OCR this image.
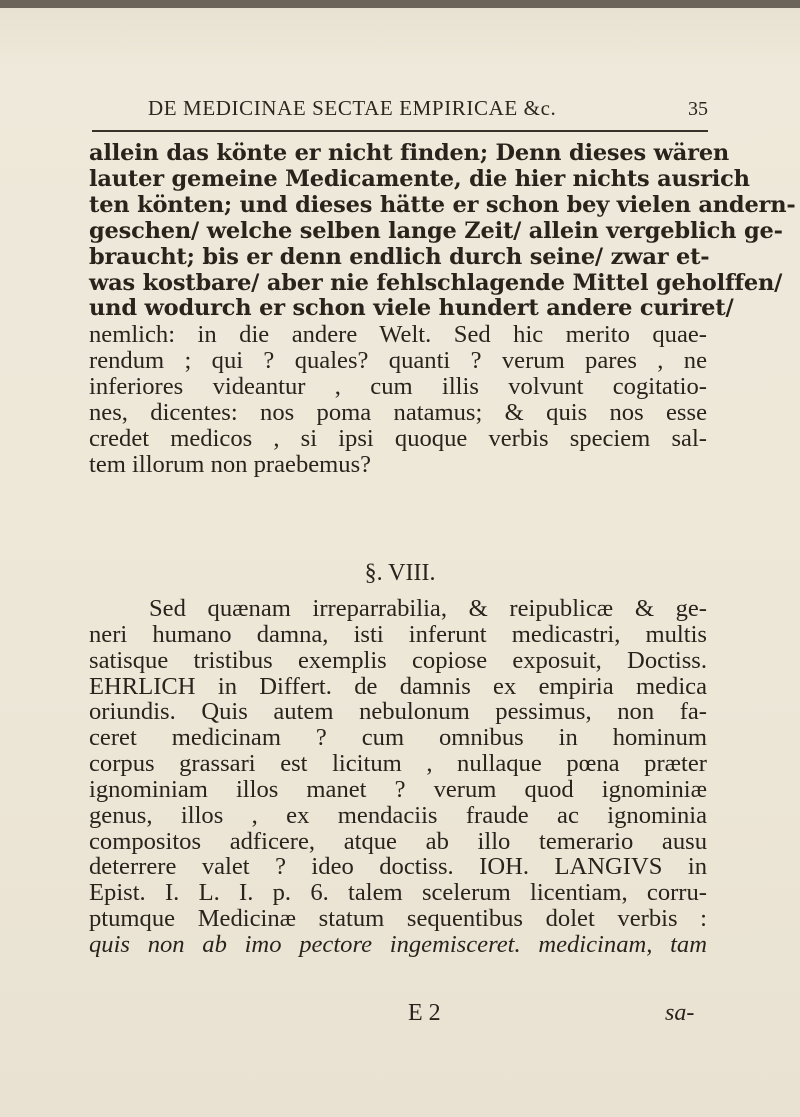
DE MEDICINAE SECTAE EMPIRICAE &c.	35
allein das könte er nicht finden; Denn dieses wären
lauter gemeine Medicamente, die hier nichts ausrich
ten könten; und dieses hätte er schon bey vielen andern-
geschen/ welche selben lange Zeit/ allein vergeblich ge-
braucht; bis er denn endlich durch seine/ zwar et-
was kostbare/ aber nie fehlschlagende Mittel geholffen/
und wodurch er schon viele hundert andere curiret/
nemlich: in die andere Welt. Sed hic merito quae-
rendum ; qui ? quales? quanti ? verum pares , ne
inferiores videantur , cum illis volvunt cogitatio-
nes, dicentes: nos poma natamus; & quis nos esse
credet medicos , si ipsi quoque verbis speciem sal-
tem illorum non praebemus?
§. VIII.
Sed quænam irreparrabilia, & reipublicæ & ge-
neri humano damna, isti inferunt medicastri, multis
satisque tristibus exemplis copiose exposuit, Doctiss.
EHRLICH in Differt. de damnis ex empiria medica
oriundis. Quis autem nebulonum pessimus, non fa-
ceret medicinam ? cum omnibus in hominum
corpus grassari est licitum , nullaque pœna præter
ignominiam illos manet ? verum quod ignominiæ
genus, illos , ex mendaciis fraude ac ignominia
compositos adficere, atque ab illo temerario ausu
deterrere valet ? ideo doctiss. IOH. LANGIVS in
Epist. I. L. I. p. 6. talem scelerum licentiam, corru-
ptumque Medicinæ statum sequentibus dolet verbis :
quis non ab imo pectore ingemisceret. medicinam, tam
E 2	sa-
